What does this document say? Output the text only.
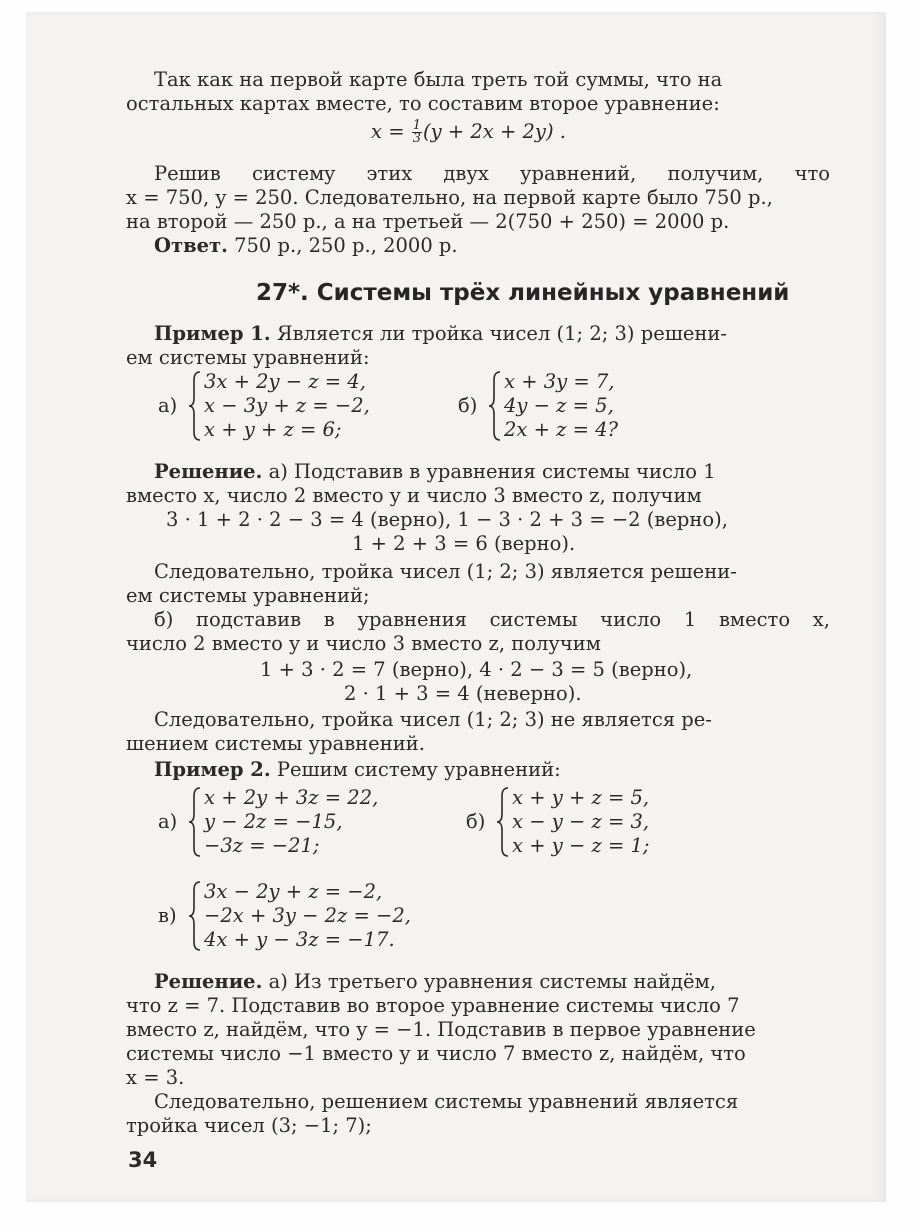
Так как на первой карте была треть той суммы, что на
остальных картах вместе, то составим второе уравнение:
$x = \frac{1}{3} (y + 2x + 2y)$ .
Решив системy этих двух уравнений, получим, что
x = 750, y = 250. Следовательно, на первой карте было 750 р.,
на второй — 250 р., а на третьей — 2(750 + 250) = 2000 р.
Ответ. 750 р., 250 р., 2000 р.
27*. Системы трёх линейных уравнений
Пример 1. Является ли тройка чисел (1; 2; 3) решени-
ем системы уравнений:
а)
3x + 2y − z = 4,
x − 3y + z = −2,
x + y + z = 6;
б)
x + 3y = 7,
4y − z = 5,
2x + z = 4?
Решение. а) Подставив в уравнения системы число 1
вместо x, число 2 вместо y и число 3 вместо z, получим
3 · 1 + 2 · 2 − 3 = 4 (верно), 1 − 3 · 2 + 3 = −2 (верно),
1 + 2 + 3 = 6 (верно).
Следовательно, тройка чисел (1; 2; 3) является решени-
ем системы уравнений;
б) подставив в уравнения системы число 1 вместо x,
число 2 вместо y и число 3 вместо z, получим
1 + 3 · 2 = 7 (верно), 4 · 2 − 3 = 5 (верно),
2 · 1 + 3 = 4 (неверно).
Следовательно, тройка чисел (1; 2; 3) не является ре-
шением системы уравнений.
Пример 2. Решим систему уравнений:
а)
x + 2y + 3z = 22,
y − 2z = −15,
−3z = −21;
б)
x + y + z = 5,
x − y − z = 3,
x + y − z = 1;
в)
3x − 2y + z = −2,
−2x + 3y − 2z = −2,
4x + y − 3z = −17.
Решение. а) Из третьего уравнения системы найдём,
что z = 7. Подставив во второе уравнение системы число 7
вместо z, найдём, что y = −1. Подставив в первое уравнение
системы число −1 вместо y и число 7 вместо z, найдём, что
x = 3.
Следовательно, решением системы уравнений является
тройка чисел (3; −1; 7);
34
